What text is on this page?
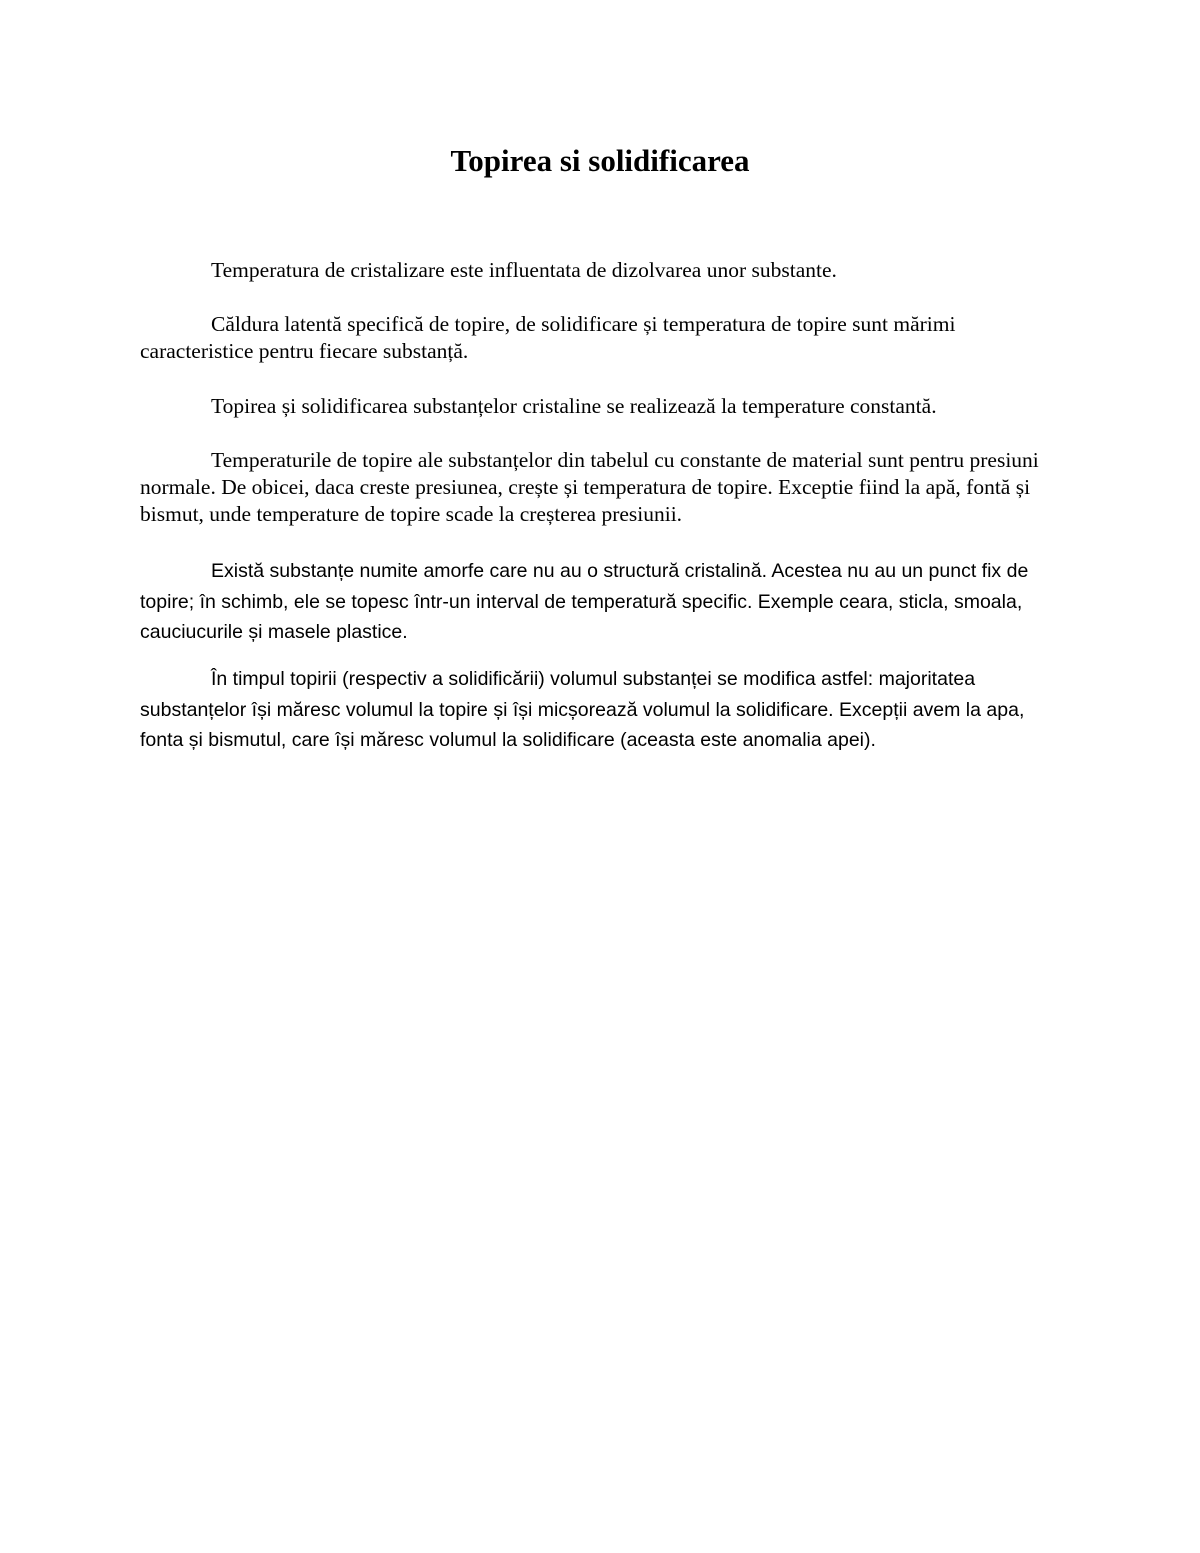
Topirea si solidificarea

Temperatura de cristalizare este influentata de dizolvarea unor substante.

Căldura latentă specifică de topire, de solidificare și temperatura de topire sunt mărimi caracteristice pentru fiecare substanță.

Topirea și solidificarea substanțelor cristaline se realizează la temperature constantă.

Temperaturile de topire ale substanțelor din tabelul cu constante de material sunt pentru presiuni normale. De obicei, daca creste presiunea, crește și temperatura de topire. Exceptie fiind la apă, fontă și bismut, unde temperature de topire scade la creșterea presiunii.

Există substanțe numite amorfe care nu au o structură cristalină. Acestea nu au un punct fix de topire; în schimb, ele se topesc într-un interval de temperatură specific. Exemple ceara, sticla, smoala, cauciucurile și masele plastice.

În timpul topirii (respectiv a solidificării) volumul substanței se modifica astfel: majoritatea substanțelor își măresc volumul la topire și își micșorează volumul la solidificare. Excepții avem la apa, fonta și bismutul, care își măresc volumul la solidificare (aceasta este anomalia apei).
